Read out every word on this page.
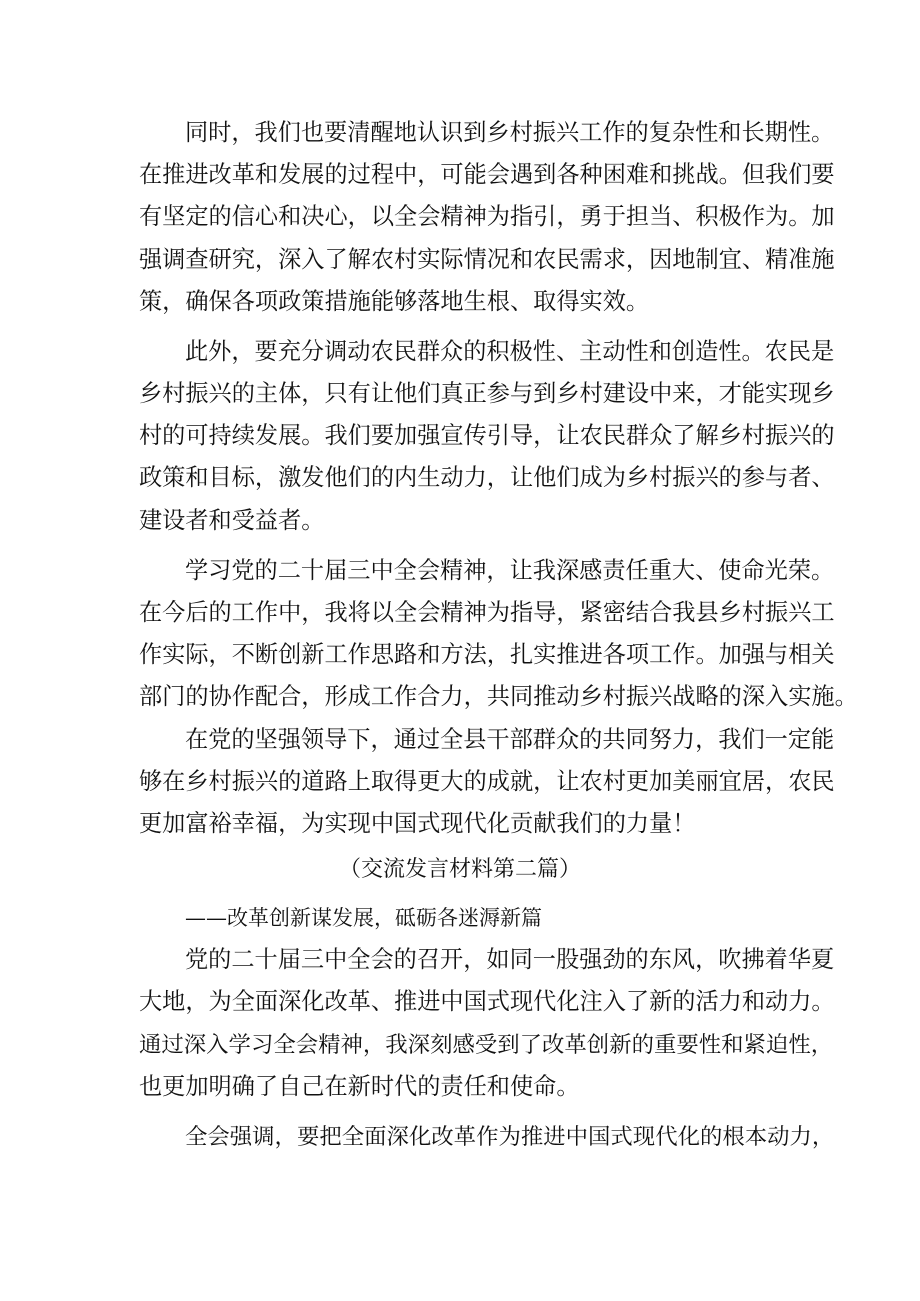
同时，我们也要清醒地认识到乡村振兴工作的复杂性和长期性。
在推进改革和发展的过程中，可能会遇到各种困难和挑战。但我们要
有坚定的信心和决心，以全会精神为指引，勇于担当、积极作为。加
强调查研究，深入了解农村实际情况和农民需求，因地制宜、精准施
策，确保各项政策措施能够落地生根、取得实效。
此外，要充分调动农民群众的积极性、主动性和创造性。农民是
乡村振兴的主体，只有让他们真正参与到乡村建设中来，才能实现乡
村的可持续发展。我们要加强宣传引导，让农民群众了解乡村振兴的
政策和目标，激发他们的内生动力，让他们成为乡村振兴的参与者、
建设者和受益者。
学习党的二十届三中全会精神，让我深感责任重大、使命光荣。
在今后的工作中，我将以全会精神为指导，紧密结合我县乡村振兴工
作实际，不断创新工作思路和方法，扎实推进各项工作。加强与相关
部门的协作配合，形成工作合力，共同推动乡村振兴战略的深入实施。
在党的坚强领导下，通过全县干部群众的共同努力，我们一定能
够在乡村振兴的道路上取得更大的成就，让农村更加美丽宜居，农民
更加富裕幸福，为实现中国式现代化贡献我们的力量！
（交流发言材料第二篇）
——改革创新谋发展，砥砺各迷溽新篇
党的二十届三中全会的召开，如同一股强劲的东风，吹拂着华夏
大地，为全面深化改革、推进中国式现代化注入了新的活力和动力。
通过深入学习全会精神，我深刻感受到了改革创新的重要性和紧迫性，
也更加明确了自己在新时代的责任和使命。
全会强调，要把全面深化改革作为推进中国式现代化的根本动力，
